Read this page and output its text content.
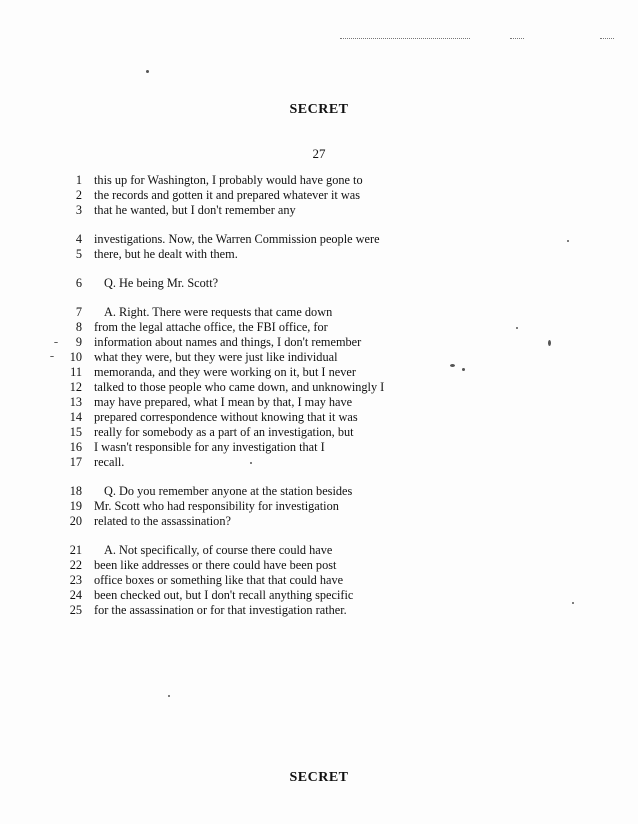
SECRET
27
1 this up for Washington, I probably would have gone to
2 the records and gotten it and prepared whatever it was
3 that he wanted, but I don't remember any
4 investigations. Now, the Warren Commission people were
5 there, but he dealt with them.
6 Q. He being Mr. Scott?
7 A. Right. There were requests that came down
8 from the legal attache office, the FBI office, for
9 information about names and things, I don't remember
10 what they were, but they were just like individual
11 memoranda, and they were working on it, but I never
12 talked to those people who came down, and unknowingly I
13 may have prepared, what I mean by that, I may have
14 prepared correspondence without knowing that it was
15 really for somebody as a part of an investigation, but
16 I wasn't responsible for any investigation that I
17 recall.
18 Q. Do you remember anyone at the station besides
19 Mr. Scott who had responsibility for investigation
20 related to the assassination?
21 A. Not specifically, of course there could have
22 been like addresses or there could have been post
23 office boxes or something like that that could have
24 been checked out, but I don't recall anything specific
25 for the assassination or for that investigation rather.
SECRET
